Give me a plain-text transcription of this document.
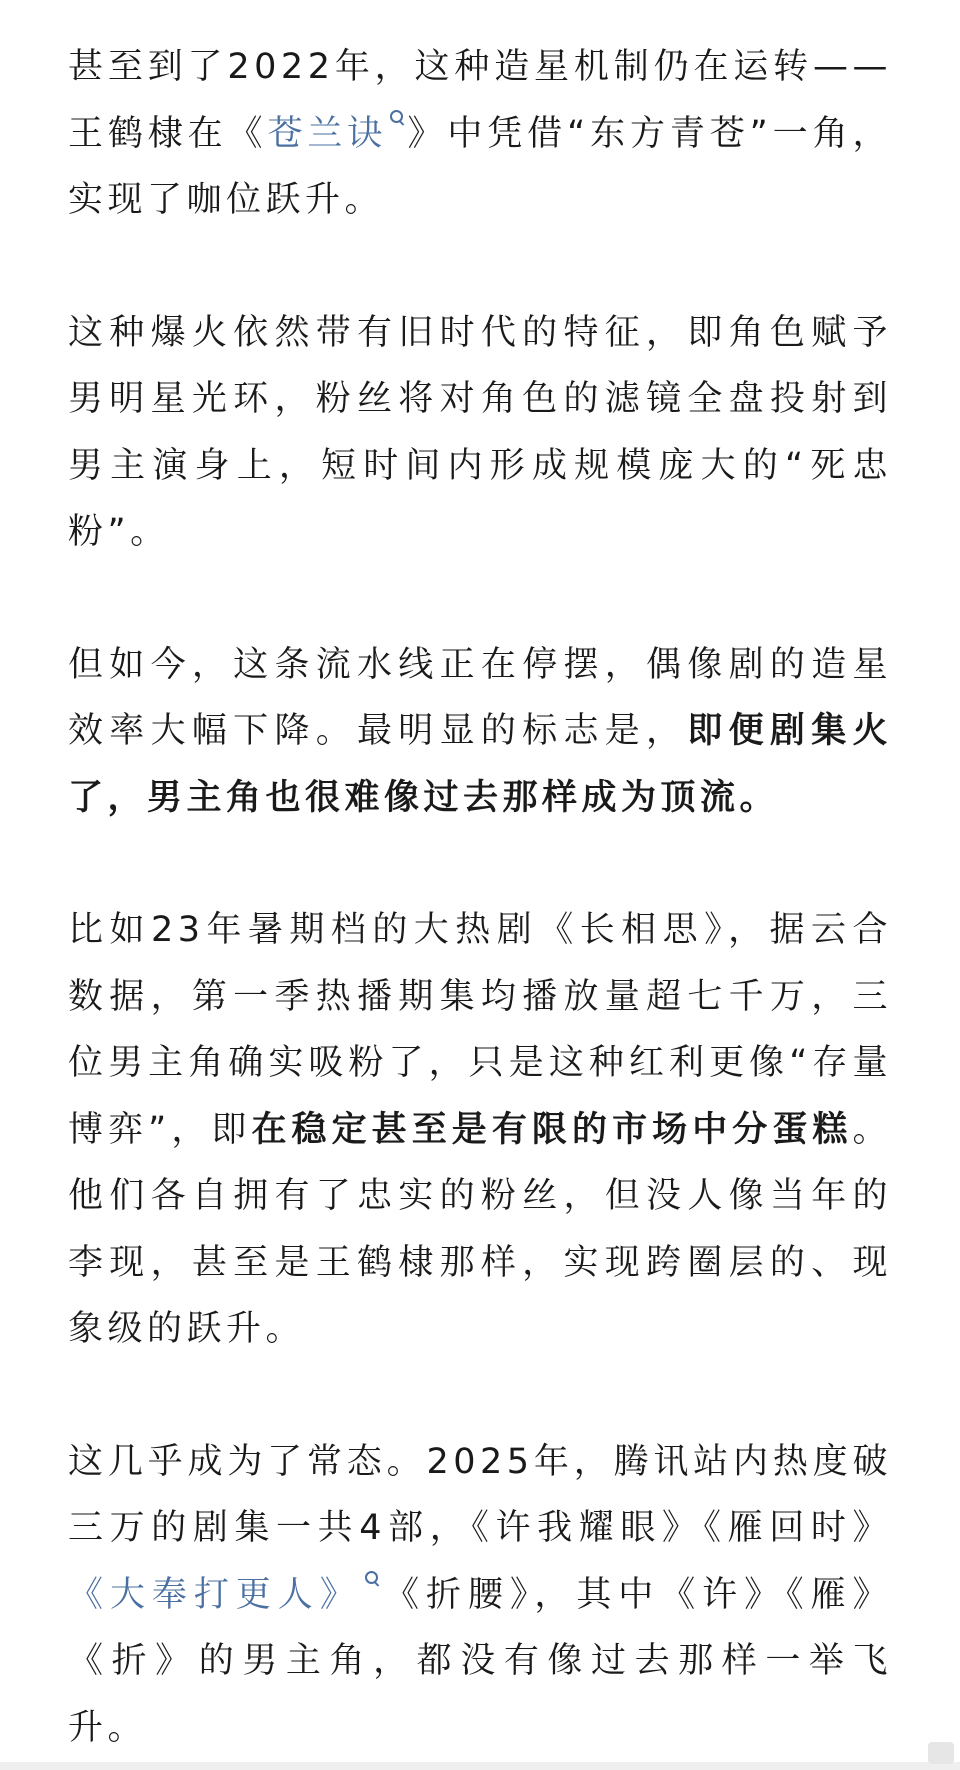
甚至到了2022年，这种造星机制仍在运转——王鹤棣在《苍兰诀 》中凭借“东方青苍”一角，实现了咖位跃升。

这种爆火依然带有旧时代的特征，即角色赋予男明星光环，粉丝将对角色的滤镜全盘投射到男主演身上，短时间内形成规模庞大的“死忠粉”。

但如今，这条流水线正在停摆，偶像剧的造星效率大幅下降。最明显的标志是，即便剧集火了，男主角也很难像过去那样成为顶流。

比如23年暑期档的大热剧《长相思》，据云合数据，第一季热播期集均播放量超七千万，三位男主角确实吸粉了，只是这种红利更像“存量博弈”，即在稳定甚至是有限的市场中分蛋糕。他们各自拥有了忠实的粉丝，但没人像当年的李现，甚至是王鹤棣那样，实现跨圈层的、现象级的跃升。

这几乎成为了常态。2025年，腾讯站内热度破三万的剧集一共4部，《许我耀眼》《雁回时》《大奉打更人》 《折腰》，其中《许》《雁》《折》的男主角，都没有像过去那样一举飞升。
